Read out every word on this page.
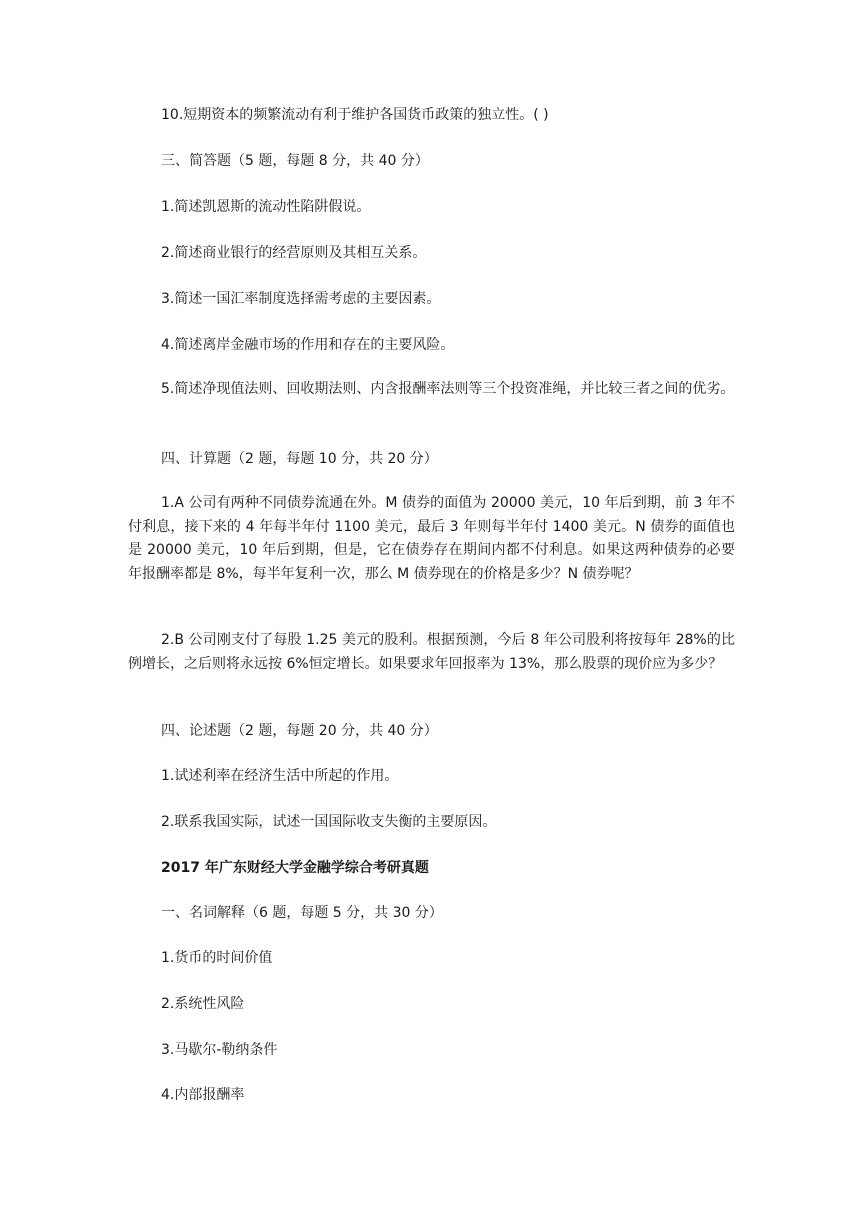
10.短期资本的频繁流动有利于维护各国货币政策的独立性。( )

三、简答题（5 题，每题 8 分，共 40 分）

1.简述凯恩斯的流动性陷阱假说。

2.简述商业银行的经营原则及其相互关系。

3.简述一国汇率制度选择需考虑的主要因素。

4.简述离岸金融市场的作用和存在的主要风险。

5.简述净现值法则、回收期法则、内含报酬率法则等三个投资准绳，并比较三者之间的优劣。

四、计算题（2 题，每题 10 分，共 20 分）

1.A 公司有两种不同债券流通在外。M 债券的面值为 20000 美元，10 年后到期，前 3 年不付利息，接下来的 4 年每半年付 1100 美元，最后 3 年则每半年付 1400 美元。N 债券的面值也是 20000 美元，10 年后到期，但是，它在债券存在期间内都不付利息。如果这两种债券的必要年报酬率都是 8%，每半年复利一次，那么 M 债券现在的价格是多少？N 债券呢？

2.B 公司刚支付了每股 1.25 美元的股利。根据预测，今后 8 年公司股利将按每年 28%的比例增长，之后则将永远按 6%恒定增长。如果要求年回报率为 13%，那么股票的现价应为多少？

四、论述题（2 题，每题 20 分，共 40 分）

1.试述利率在经济生活中所起的作用。

2.联系我国实际，试述一国国际收支失衡的主要原因。

2017 年广东财经大学金融学综合考研真题

一、名词解释（6 题，每题 5 分，共 30 分）

1.货币的时间价值

2.系统性风险

3.马歇尔-勒纳条件

4.内部报酬率
